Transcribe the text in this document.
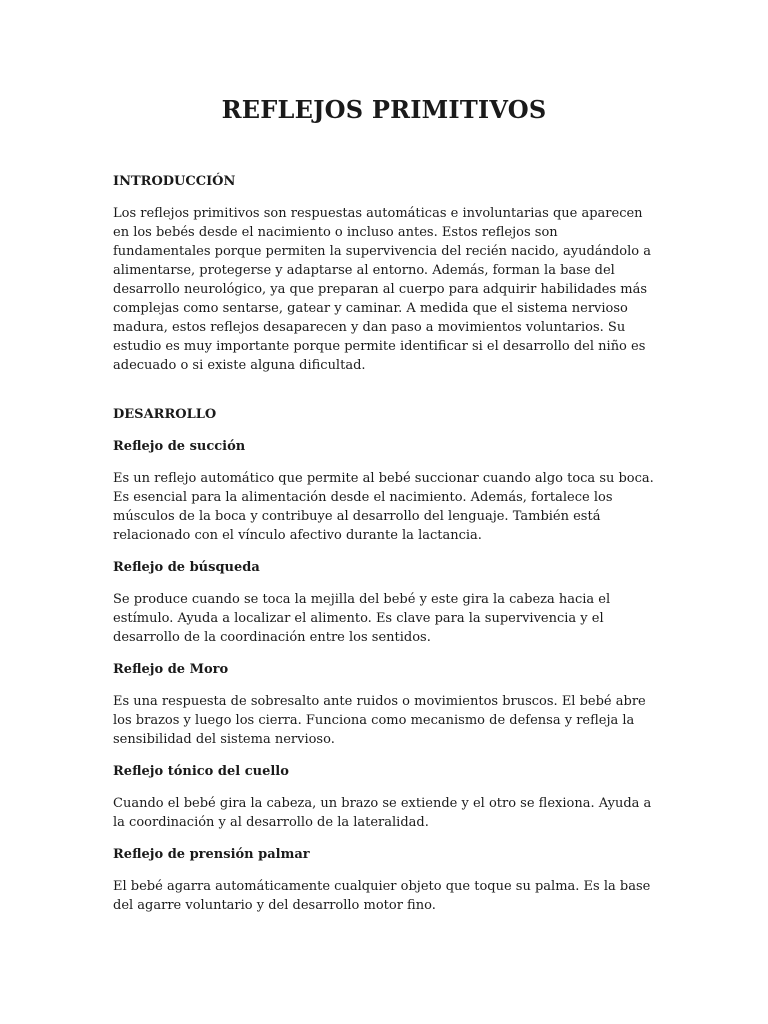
REFLEJOS PRIMITIVOS
INTRODUCCIÓN

Los reflejos primitivos son respuestas automáticas e involuntarias que aparecen en los bebés desde el nacimiento o incluso antes. Estos reflejos son fundamentales porque permiten la supervivencia del recién nacido, ayudándolo a alimentarse, protegerse y adaptarse al entorno. Además, forman la base del desarrollo neurológico, ya que preparan al cuerpo para adquirir habilidades más complejas como sentarse, gatear y caminar. A medida que el sistema nervioso madura, estos reflejos desaparecen y dan paso a movimientos voluntarios. Su estudio es muy importante porque permite identificar si el desarrollo del niño es adecuado o si existe alguna dificultad.

DESARROLLO
Reflejo de succión

Es un reflejo automático que permite al bebé succionar cuando algo toca su boca. Es esencial para la alimentación desde el nacimiento. Además, fortalece los músculos de la boca y contribuye al desarrollo del lenguaje. También está relacionado con el vínculo afectivo durante la lactancia.

Reflejo de búsqueda

Se produce cuando se toca la mejilla del bebé y este gira la cabeza hacia el estímulo. Ayuda a localizar el alimento. Es clave para la supervivencia y el desarrollo de la coordinación entre los sentidos.

Reflejo de Moro

Es una respuesta de sobresalto ante ruidos o movimientos bruscos. El bebé abre los brazos y luego los cierra. Funciona como mecanismo de defensa y refleja la sensibilidad del sistema nervioso.

Reflejo tónico del cuello

Cuando el bebé gira la cabeza, un brazo se extiende y el otro se flexiona. Ayuda a la coordinación y al desarrollo de la lateralidad.

Reflejo de prensión palmar

El bebé agarra automáticamente cualquier objeto que toque su palma. Es la base del agarre voluntario y del desarrollo motor fino.
